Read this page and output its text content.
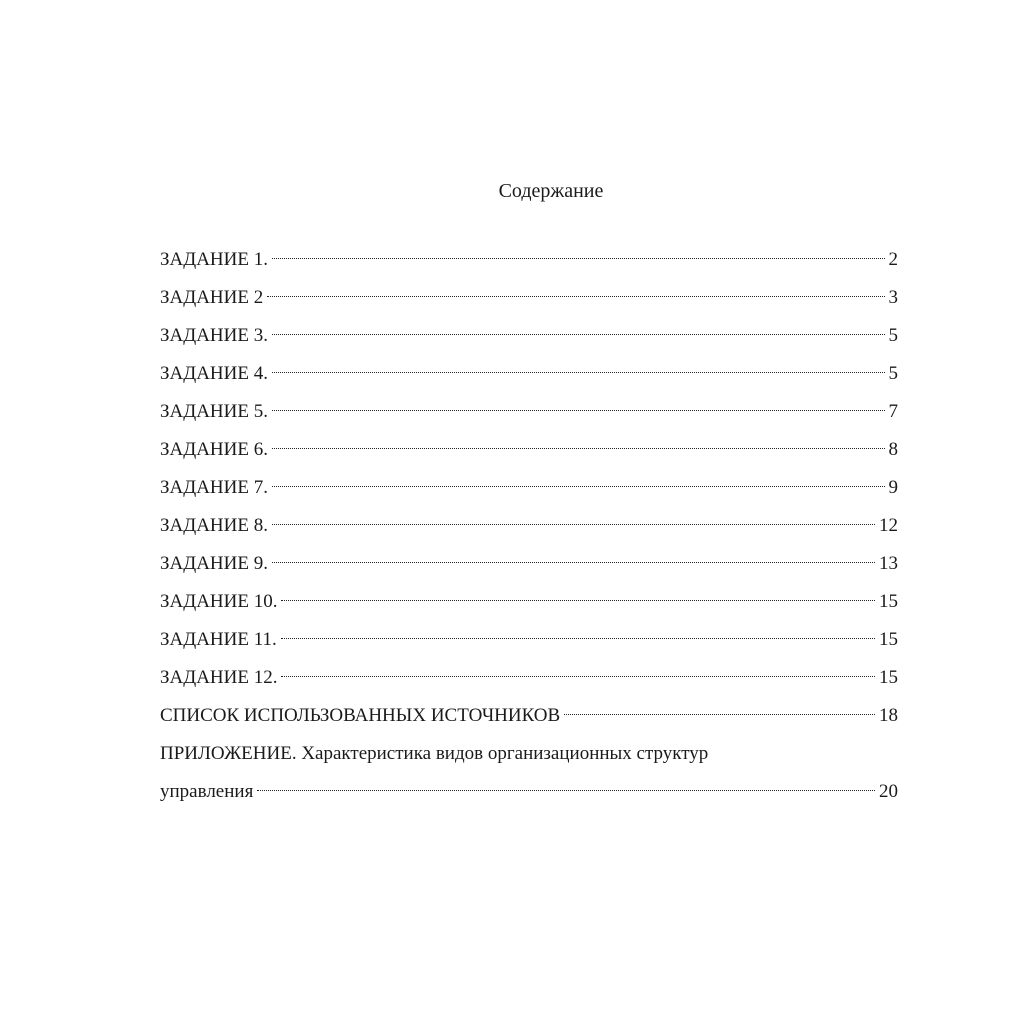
Содержание
ЗАДАНИЕ 1.	2
ЗАДАНИЕ 2	3
ЗАДАНИЕ 3.	5
ЗАДАНИЕ 4.	5
ЗАДАНИЕ 5.	7
ЗАДАНИЕ 6.	8
ЗАДАНИЕ 7.	9
ЗАДАНИЕ 8.	12
ЗАДАНИЕ 9.	13
ЗАДАНИЕ 10.	15
ЗАДАНИЕ 11.	15
ЗАДАНИЕ 12.	15
СПИСОК ИСПОЛЬЗОВАННЫХ ИСТОЧНИКОВ	18
ПРИЛОЖЕНИЕ. Характеристика видов организационных структур
управления	20
